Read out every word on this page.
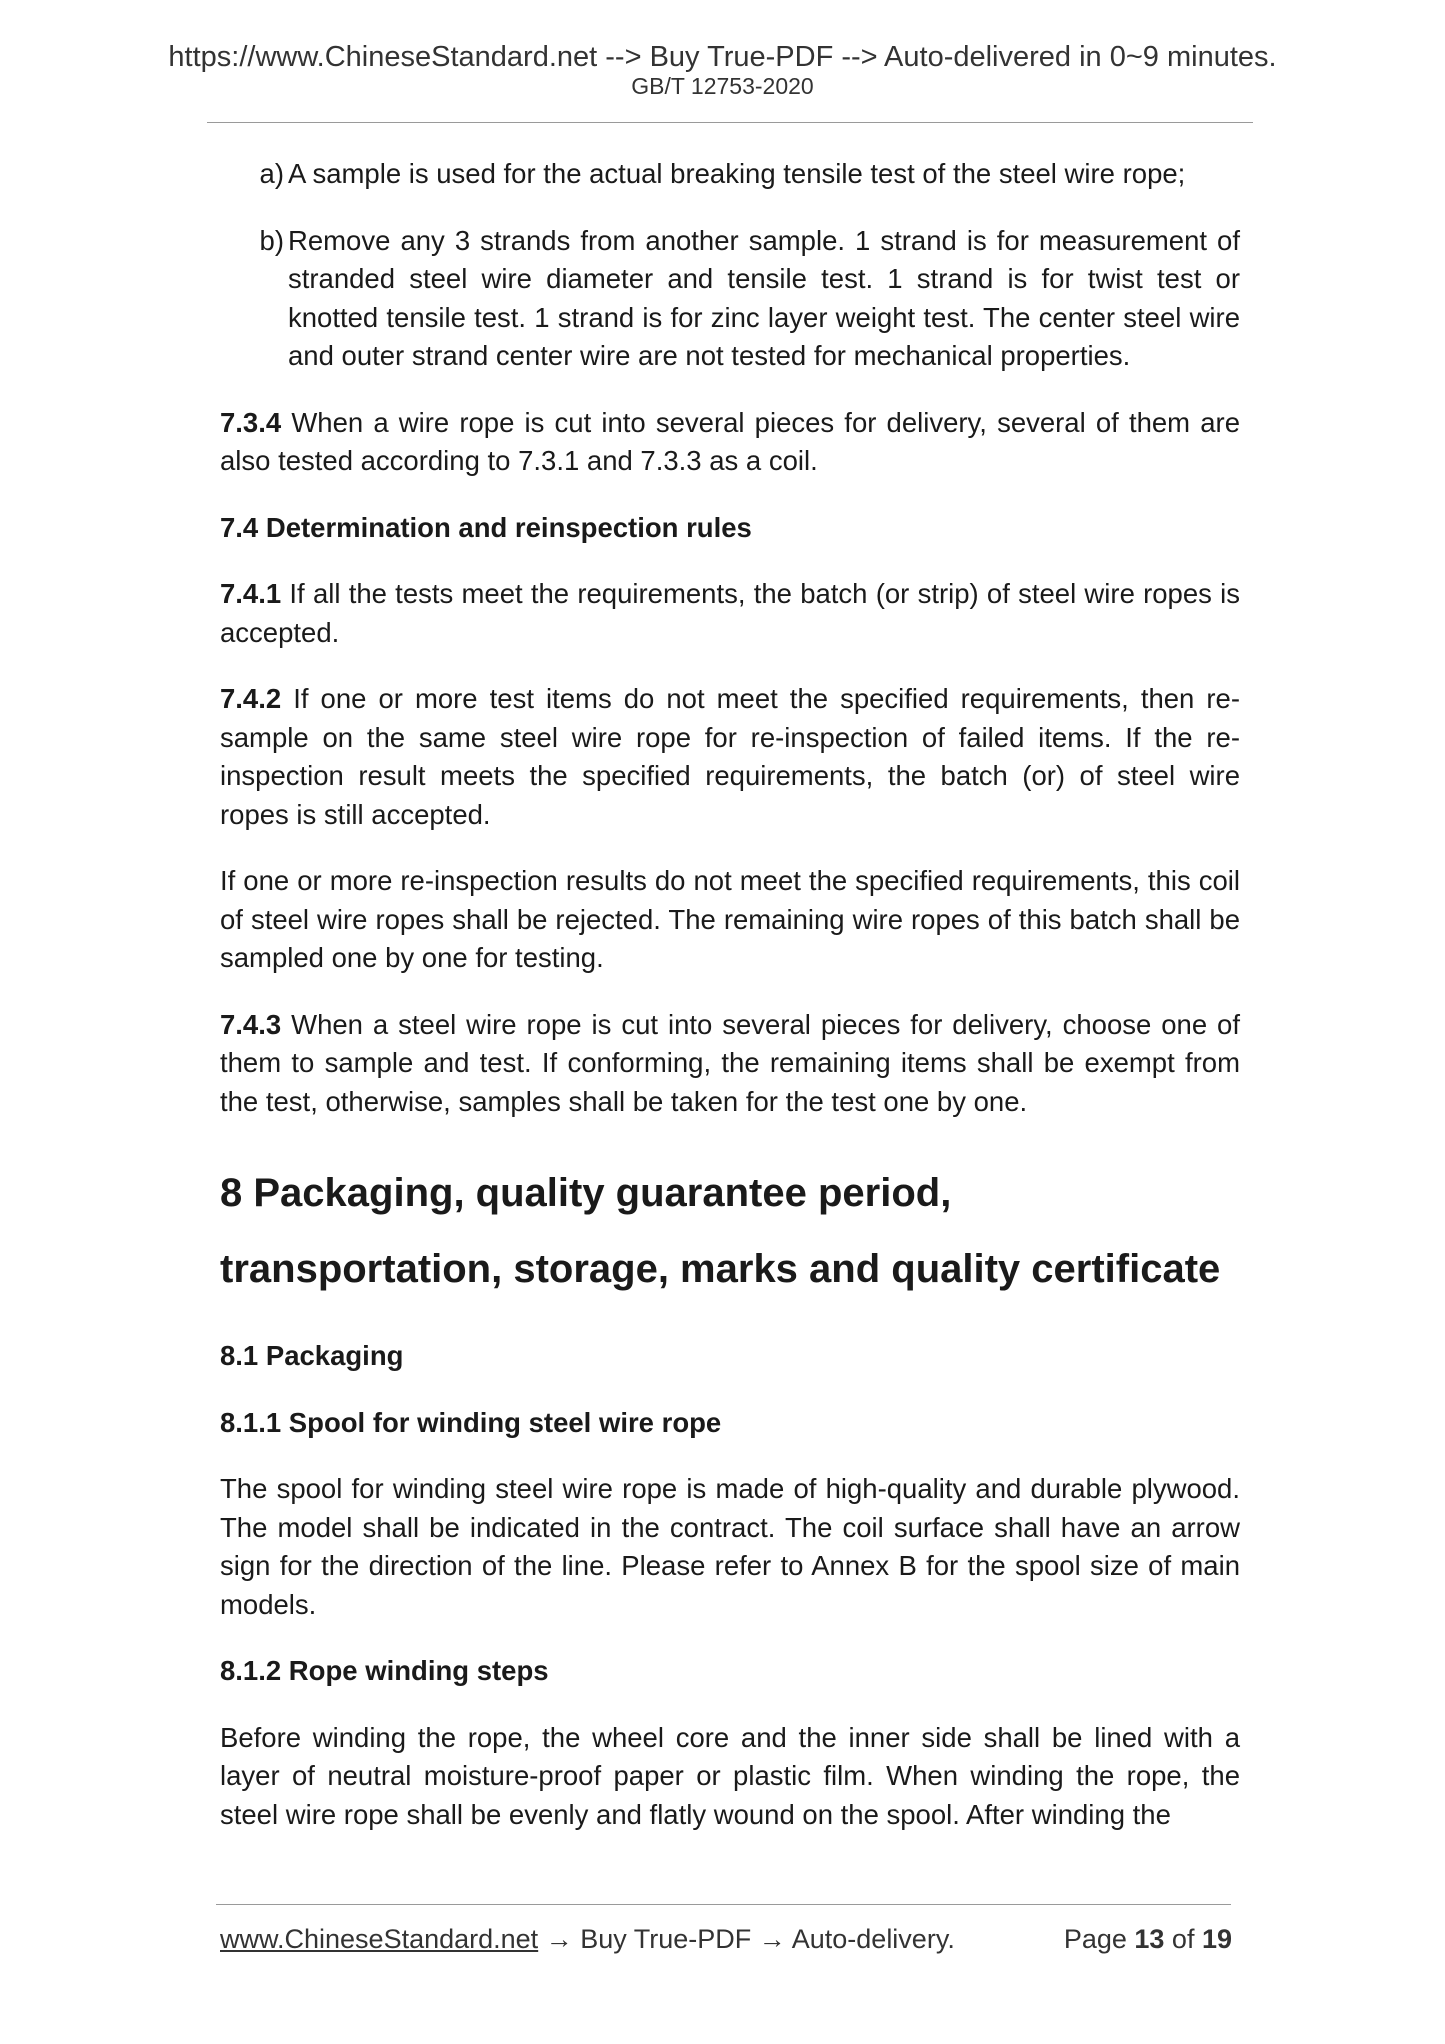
https://www.ChineseStandard.net --> Buy True-PDF --> Auto-delivered in 0~9 minutes.
GB/T 12753-2020
a) A sample is used for the actual breaking tensile test of the steel wire rope;
b) Remove any 3 strands from another sample. 1 strand is for measurement of stranded steel wire diameter and tensile test. 1 strand is for twist test or knotted tensile test. 1 strand is for zinc layer weight test. The center steel wire and outer strand center wire are not tested for mechanical properties.

7.3.4 When a wire rope is cut into several pieces for delivery, several of them are also tested according to 7.3.1 and 7.3.3 as a coil.

7.4 Determination and reinspection rules

7.4.1 If all the tests meet the requirements, the batch (or strip) of steel wire ropes is accepted.

7.4.2 If one or more test items do not meet the specified requirements, then re-sample on the same steel wire rope for re-inspection of failed items. If the re-inspection result meets the specified requirements, the batch (or) of steel wire ropes is still accepted.

If one or more re-inspection results do not meet the specified requirements, this coil of steel wire ropes shall be rejected. The remaining wire ropes of this batch shall be sampled one by one for testing.

7.4.3 When a steel wire rope is cut into several pieces for delivery, choose one of them to sample and test. If conforming, the remaining items shall be exempt from the test, otherwise, samples shall be taken for the test one by one.

8 Packaging, quality guarantee period, transportation, storage, marks and quality certificate
8.1 Packaging
8.1.1 Spool for winding steel wire rope

The spool for winding steel wire rope is made of high-quality and durable plywood. The model shall be indicated in the contract. The coil surface shall have an arrow sign for the direction of the line. Please refer to Annex B for the spool size of main models.

8.1.2 Rope winding steps

Before winding the rope, the wheel core and the inner side shall be lined with a layer of neutral moisture-proof paper or plastic film. When winding the rope, the steel wire rope shall be evenly and flatly wound on the spool. After winding the

www.ChineseStandard.net → Buy True-PDF → Auto-delivery.	Page 13 of 19
